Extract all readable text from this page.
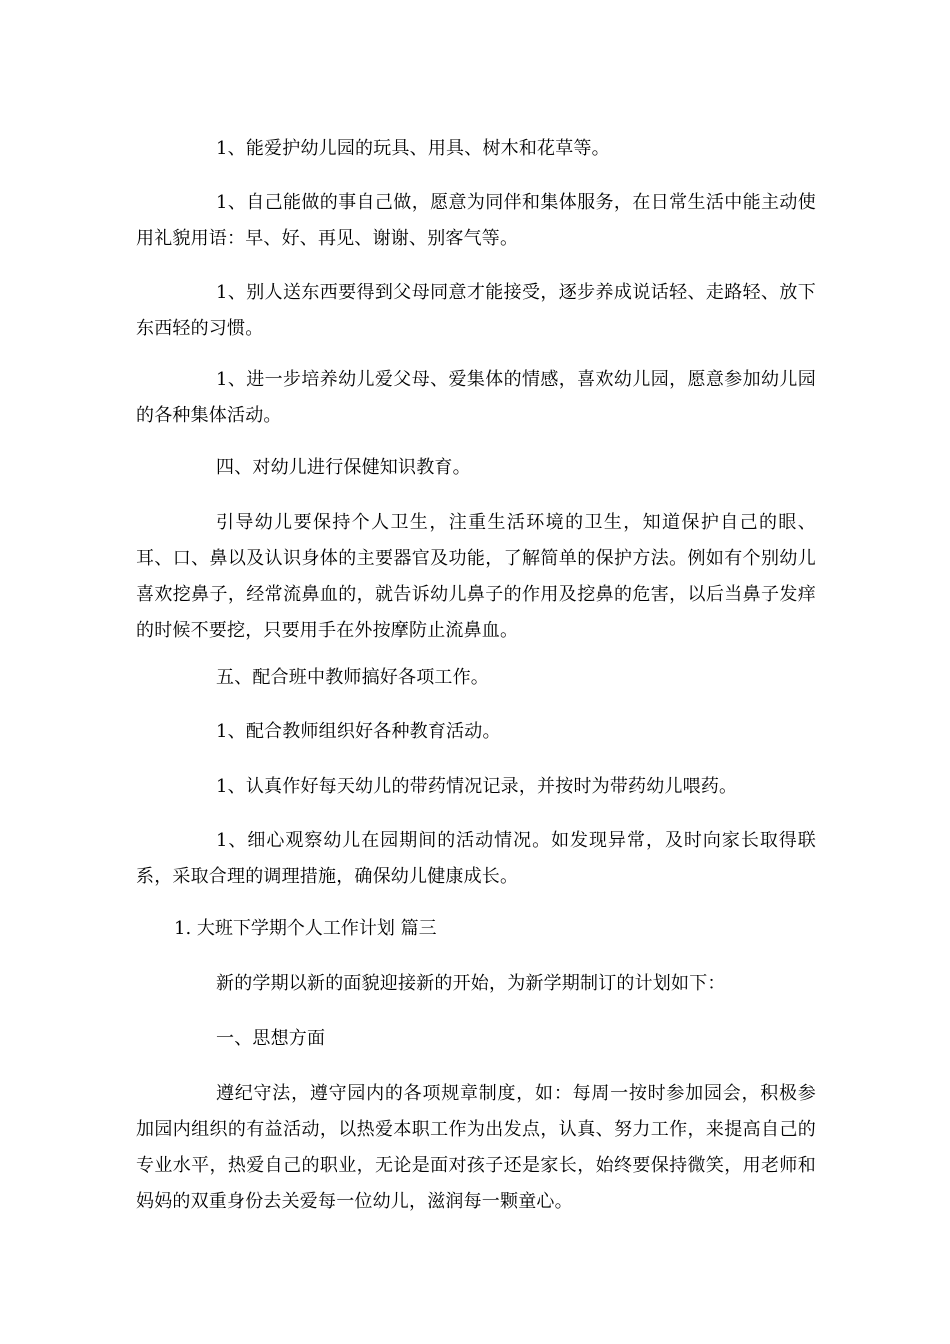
1、能爱护幼儿园的玩具、用具、树木和花草等。

1、自己能做的事自己做，愿意为同伴和集体服务，在日常生活中能主动使用礼貌用语：早、好、再见、谢谢、别客气等。

1、别人送东西要得到父母同意才能接受，逐步养成说话轻、走路轻、放下东西轻的习惯。

1、进一步培养幼儿爱父母、爱集体的情感，喜欢幼儿园，愿意参加幼儿园的各种集体活动。

四、对幼儿进行保健知识教育。

引导幼儿要保持个人卫生，注重生活环境的卫生，知道保护自己的眼、耳、口、鼻以及认识身体的主要器官及功能，了解简单的保护方法。例如有个别幼儿喜欢挖鼻子，经常流鼻血的，就告诉幼儿鼻子的作用及挖鼻的危害，以后当鼻子发痒的时候不要挖，只要用手在外按摩防止流鼻血。

五、配合班中教师搞好各项工作。

1、配合教师组织好各种教育活动。

1、认真作好每天幼儿的带药情况记录，并按时为带药幼儿喂药。

1、细心观察幼儿在园期间的活动情况。如发现异常，及时向家长取得联系，采取合理的调理措施，确保幼儿健康成长。

1. 大班下学期个人工作计划 篇三

新的学期以新的面貌迎接新的开始，为新学期制订的计划如下：

一、思想方面

遵纪守法，遵守园内的各项规章制度，如：每周一按时参加园会，积极参加园内组织的有益活动，以热爱本职工作为出发点，认真、努力工作，来提高自己的专业水平，热爱自己的职业，无论是面对孩子还是家长，始终要保持微笑，用老师和妈妈的双重身份去关爱每一位幼儿，滋润每一颗童心。
